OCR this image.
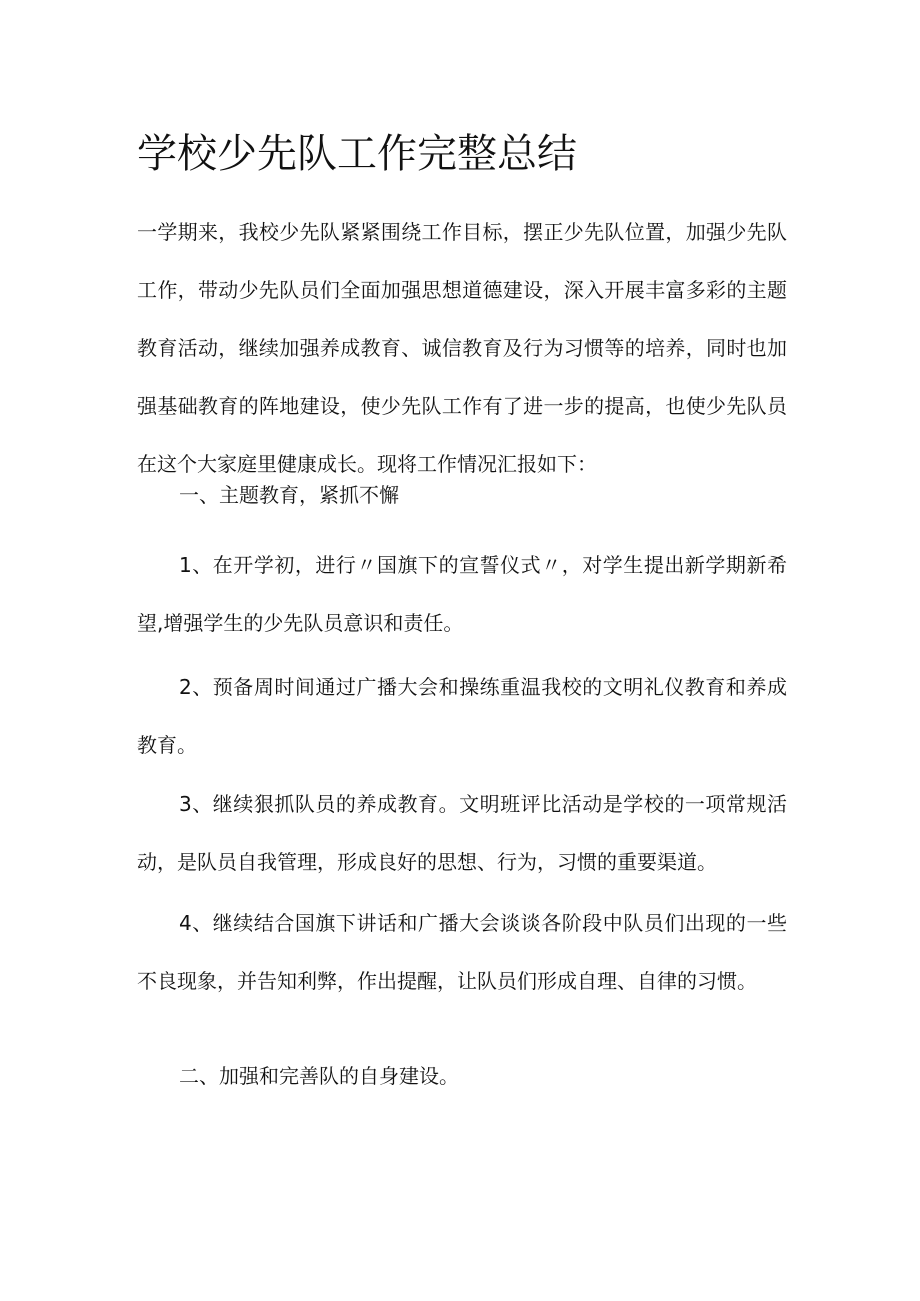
学校少先队工作完整总结

一学期来，我校少先队紧紧围绕工作目标，摆正少先队位置，加强少先队工作，带动少先队员们全面加强思想道德建设，深入开展丰富多彩的主题教育活动，继续加强养成教育、诚信教育及行为习惯等的培养，同时也加强基础教育的阵地建设，使少先队工作有了进一步的提高，也使少先队员在这个大家庭里健康成长。现将工作情况汇报如下：

一、主题教育，紧抓不懈

1、在开学初，进行〃国旗下的宣誓仪式〃，对学生提出新学期新希望,增强学生的少先队员意识和责任。

2、预备周时间通过广播大会和操练重温我校的文明礼仪教育和养成教育。

3、继续狠抓队员的养成教育。文明班评比活动是学校的一项常规活动，是队员自我管理，形成良好的思想、行为，习惯的重要渠道。

4、继续结合国旗下讲话和广播大会谈谈各阶段中队员们出现的一些不良现象，并告知利弊，作出提醒，让队员们形成自理、自律的习惯。

二、加强和完善队的自身建设。
